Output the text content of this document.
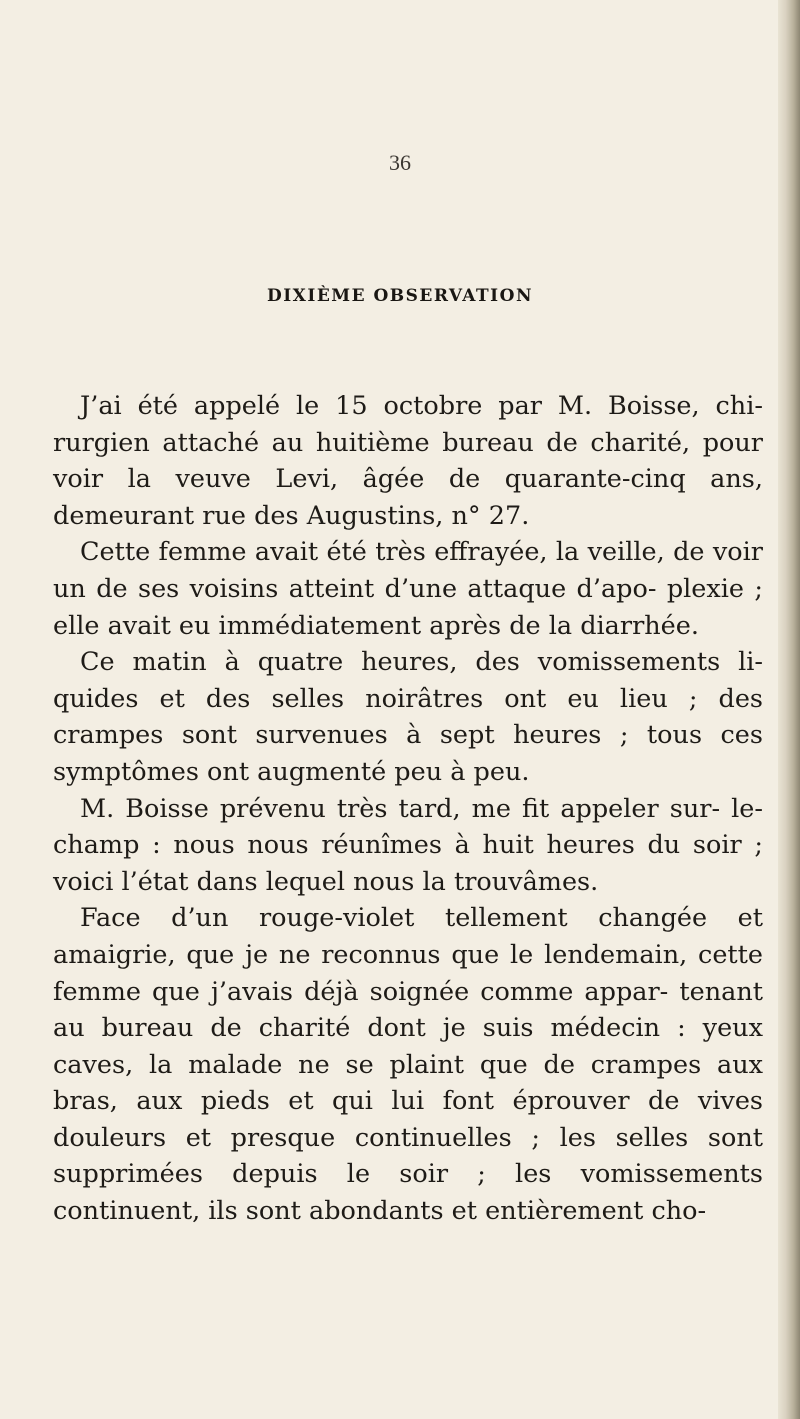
36
DIXIÈME OBSERVATION

J’ai été appelé le 15 octobre par M. Boisse, chi- rurgien attaché au huitième bureau de charité, pour voir la veuve Levi, âgée de quarante-cinq ans, demeurant rue des Augustins, n° 27.

Cette femme avait été très effrayée, la veille, de voir un de ses voisins atteint d’une attaque d’apo- plexie ; elle avait eu immédiatement après de la diarrhée.

Ce matin à quatre heures, des vomissements li- quides et des selles noirâtres ont eu lieu ; des crampes sont survenues à sept heures ; tous ces symptômes ont augmenté peu à peu.

M. Boisse prévenu très tard, me fit appeler sur- le-champ : nous nous réunîmes à huit heures du soir ; voici l’état dans lequel nous la trouvâmes.

Face d’un rouge-violet tellement changée et amaigrie, que je ne reconnus que le lendemain, cette femme que j’avais déjà soignée comme appar- tenant au bureau de charité dont je suis médecin : yeux caves, la malade ne se plaint que de crampes aux bras, aux pieds et qui lui font éprouver de vives douleurs et presque continuelles ; les selles sont supprimées depuis le soir ; les vomissements continuent, ils sont abondants et entièrement cho-
